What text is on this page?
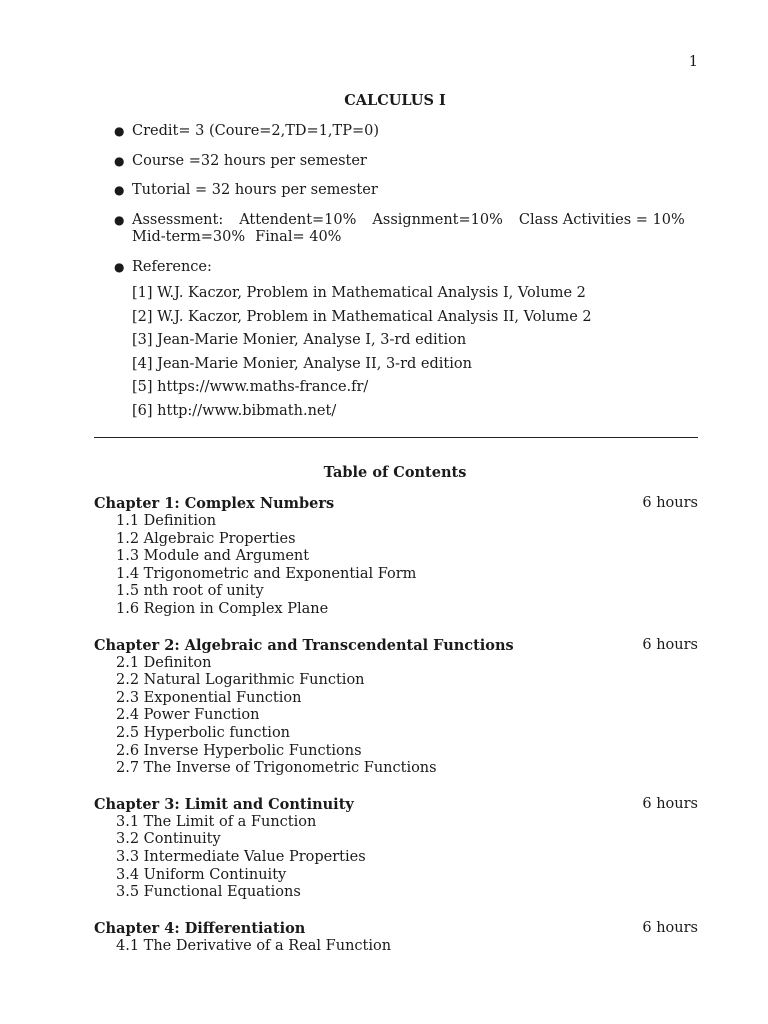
1
CALCULUS I
● Credit= 3 (Coure=2,TD=1,TP=0)
● Course =32 hours per semester
● Tutorial = 32 hours per semester
● Assessment: Attendent=10% Assignment=10% Class Activities = 10%
Mid-term=30% Final= 40%
● Reference:
[1] W.J. Kaczor, Problem in Mathematical Analysis I, Volume 2
[2] W.J. Kaczor, Problem in Mathematical Analysis II, Volume 2
[3] Jean-Marie Monier, Analyse I, 3-rd edition
[4] Jean-Marie Monier, Analyse II, 3-rd edition
[5] https://www.maths-france.fr/
[6] http://www.bibmath.net/
Table of Contents
Chapter 1: Complex Numbers	6 hours
1.1 Definition
1.2 Algebraic Properties
1.3 Module and Argument
1.4 Trigonometric and Exponential Form
1.5 nth root of unity
1.6 Region in Complex Plane
Chapter 2: Algebraic and Transcendental Functions	6 hours
2.1 Definiton
2.2 Natural Logarithmic Function
2.3 Exponential Function
2.4 Power Function
2.5 Hyperbolic function
2.6 Inverse Hyperbolic Functions
2.7 The Inverse of Trigonometric Functions
Chapter 3: Limit and Continuity	6 hours
3.1 The Limit of a Function
3.2 Continuity
3.3 Intermediate Value Properties
3.4 Uniform Continuity
3.5 Functional Equations
Chapter 4: Differentiation	6 hours
4.1 The Derivative of a Real Function
